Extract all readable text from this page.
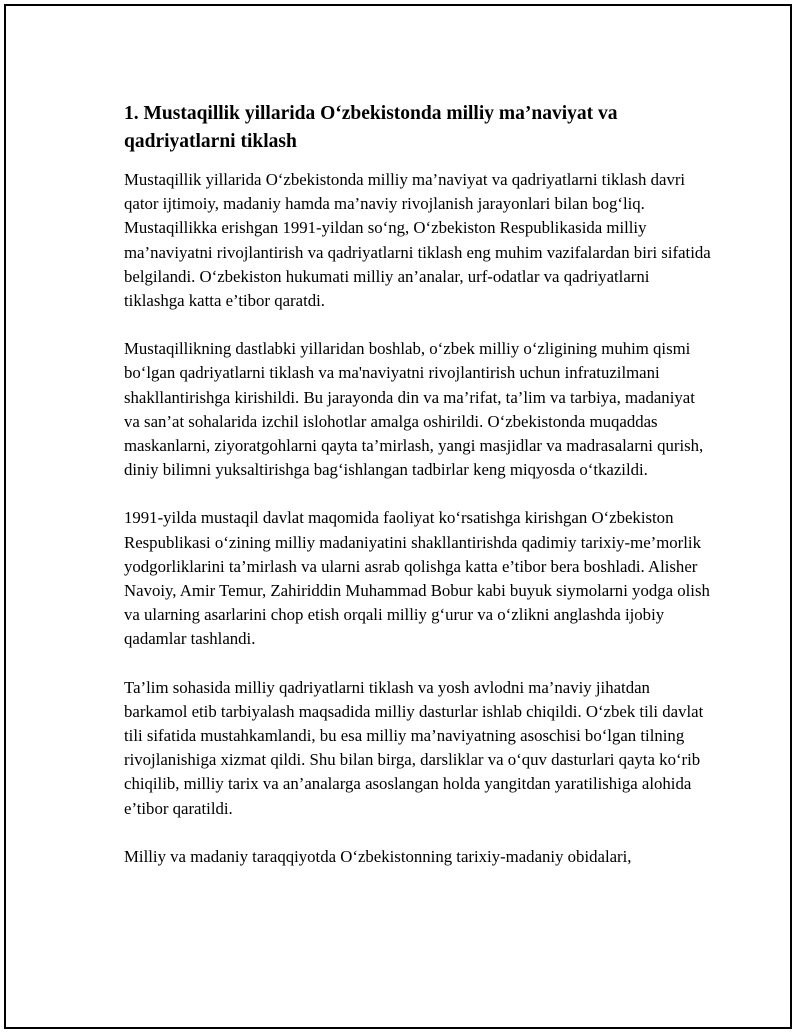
1. Mustaqillik yillarida O‘zbekistonda milliy ma’naviyat va qadriyatlarni tiklash

Mustaqillik yillarida O‘zbekistonda milliy ma’naviyat va qadriyatlarni tiklash davri qator ijtimoiy, madaniy hamda ma’naviy rivojlanish jarayonlari bilan bog‘liq. Mustaqillikka erishgan 1991-yildan so‘ng, O‘zbekiston Respublikasida milliy ma’naviyatni rivojlantirish va qadriyatlarni tiklash eng muhim vazifalardan biri sifatida belgilandi. O‘zbekiston hukumati milliy an’analar, urf-odatlar va qadriyatlarni tiklashga katta e’tibor qaratdi.

Mustaqillikning dastlabki yillaridan boshlab, o‘zbek milliy o‘zligining muhim qismi bo‘lgan qadriyatlarni tiklash va ma'naviyatni rivojlantirish uchun infratuzilmani shakllantirishga kirishildi. Bu jarayonda din va ma’rifat, ta’lim va tarbiya, madaniyat va san’at sohalarida izchil islohotlar amalga oshirildi. O‘zbekistonda muqaddas maskanlarni, ziyoratgohlarni qayta ta’mirlash, yangi masjidlar va madrasalarni qurish, diniy bilimni yuksaltirishga bag‘ishlangan tadbirlar keng miqyosda o‘tkazildi.

1991-yilda mustaqil davlat maqomida faoliyat ko‘rsatishga kirishgan O‘zbekiston Respublikasi o‘zining milliy madaniyatini shakllantirishda qadimiy tarixiy-me’morlik yodgorliklarini ta’mirlash va ularni asrab qolishga katta e’tibor bera boshladi. Alisher Navoiy, Amir Temur, Zahiriddin Muhammad Bobur kabi buyuk siymolarni yodga olish va ularning asarlarini chop etish orqali milliy g‘urur va o‘zlikni anglashda ijobiy qadamlar tashlandi.

Ta’lim sohasida milliy qadriyatlarni tiklash va yosh avlodni ma’naviy jihatdan barkamol etib tarbiyalash maqsadida milliy dasturlar ishlab chiqildi. O‘zbek tili davlat tili sifatida mustahkamlandi, bu esa milliy ma’naviyatning asoschisi bo‘lgan tilning rivojlanishiga xizmat qildi. Shu bilan birga, darsliklar va o‘quv dasturlari qayta ko‘rib chiqilib, milliy tarix va an’analarga asoslangan holda yangitdan yaratilishiga alohida e’tibor qaratildi.

Milliy va madaniy taraqqiyotda O‘zbekistonning tarixiy-madaniy obidalari,
